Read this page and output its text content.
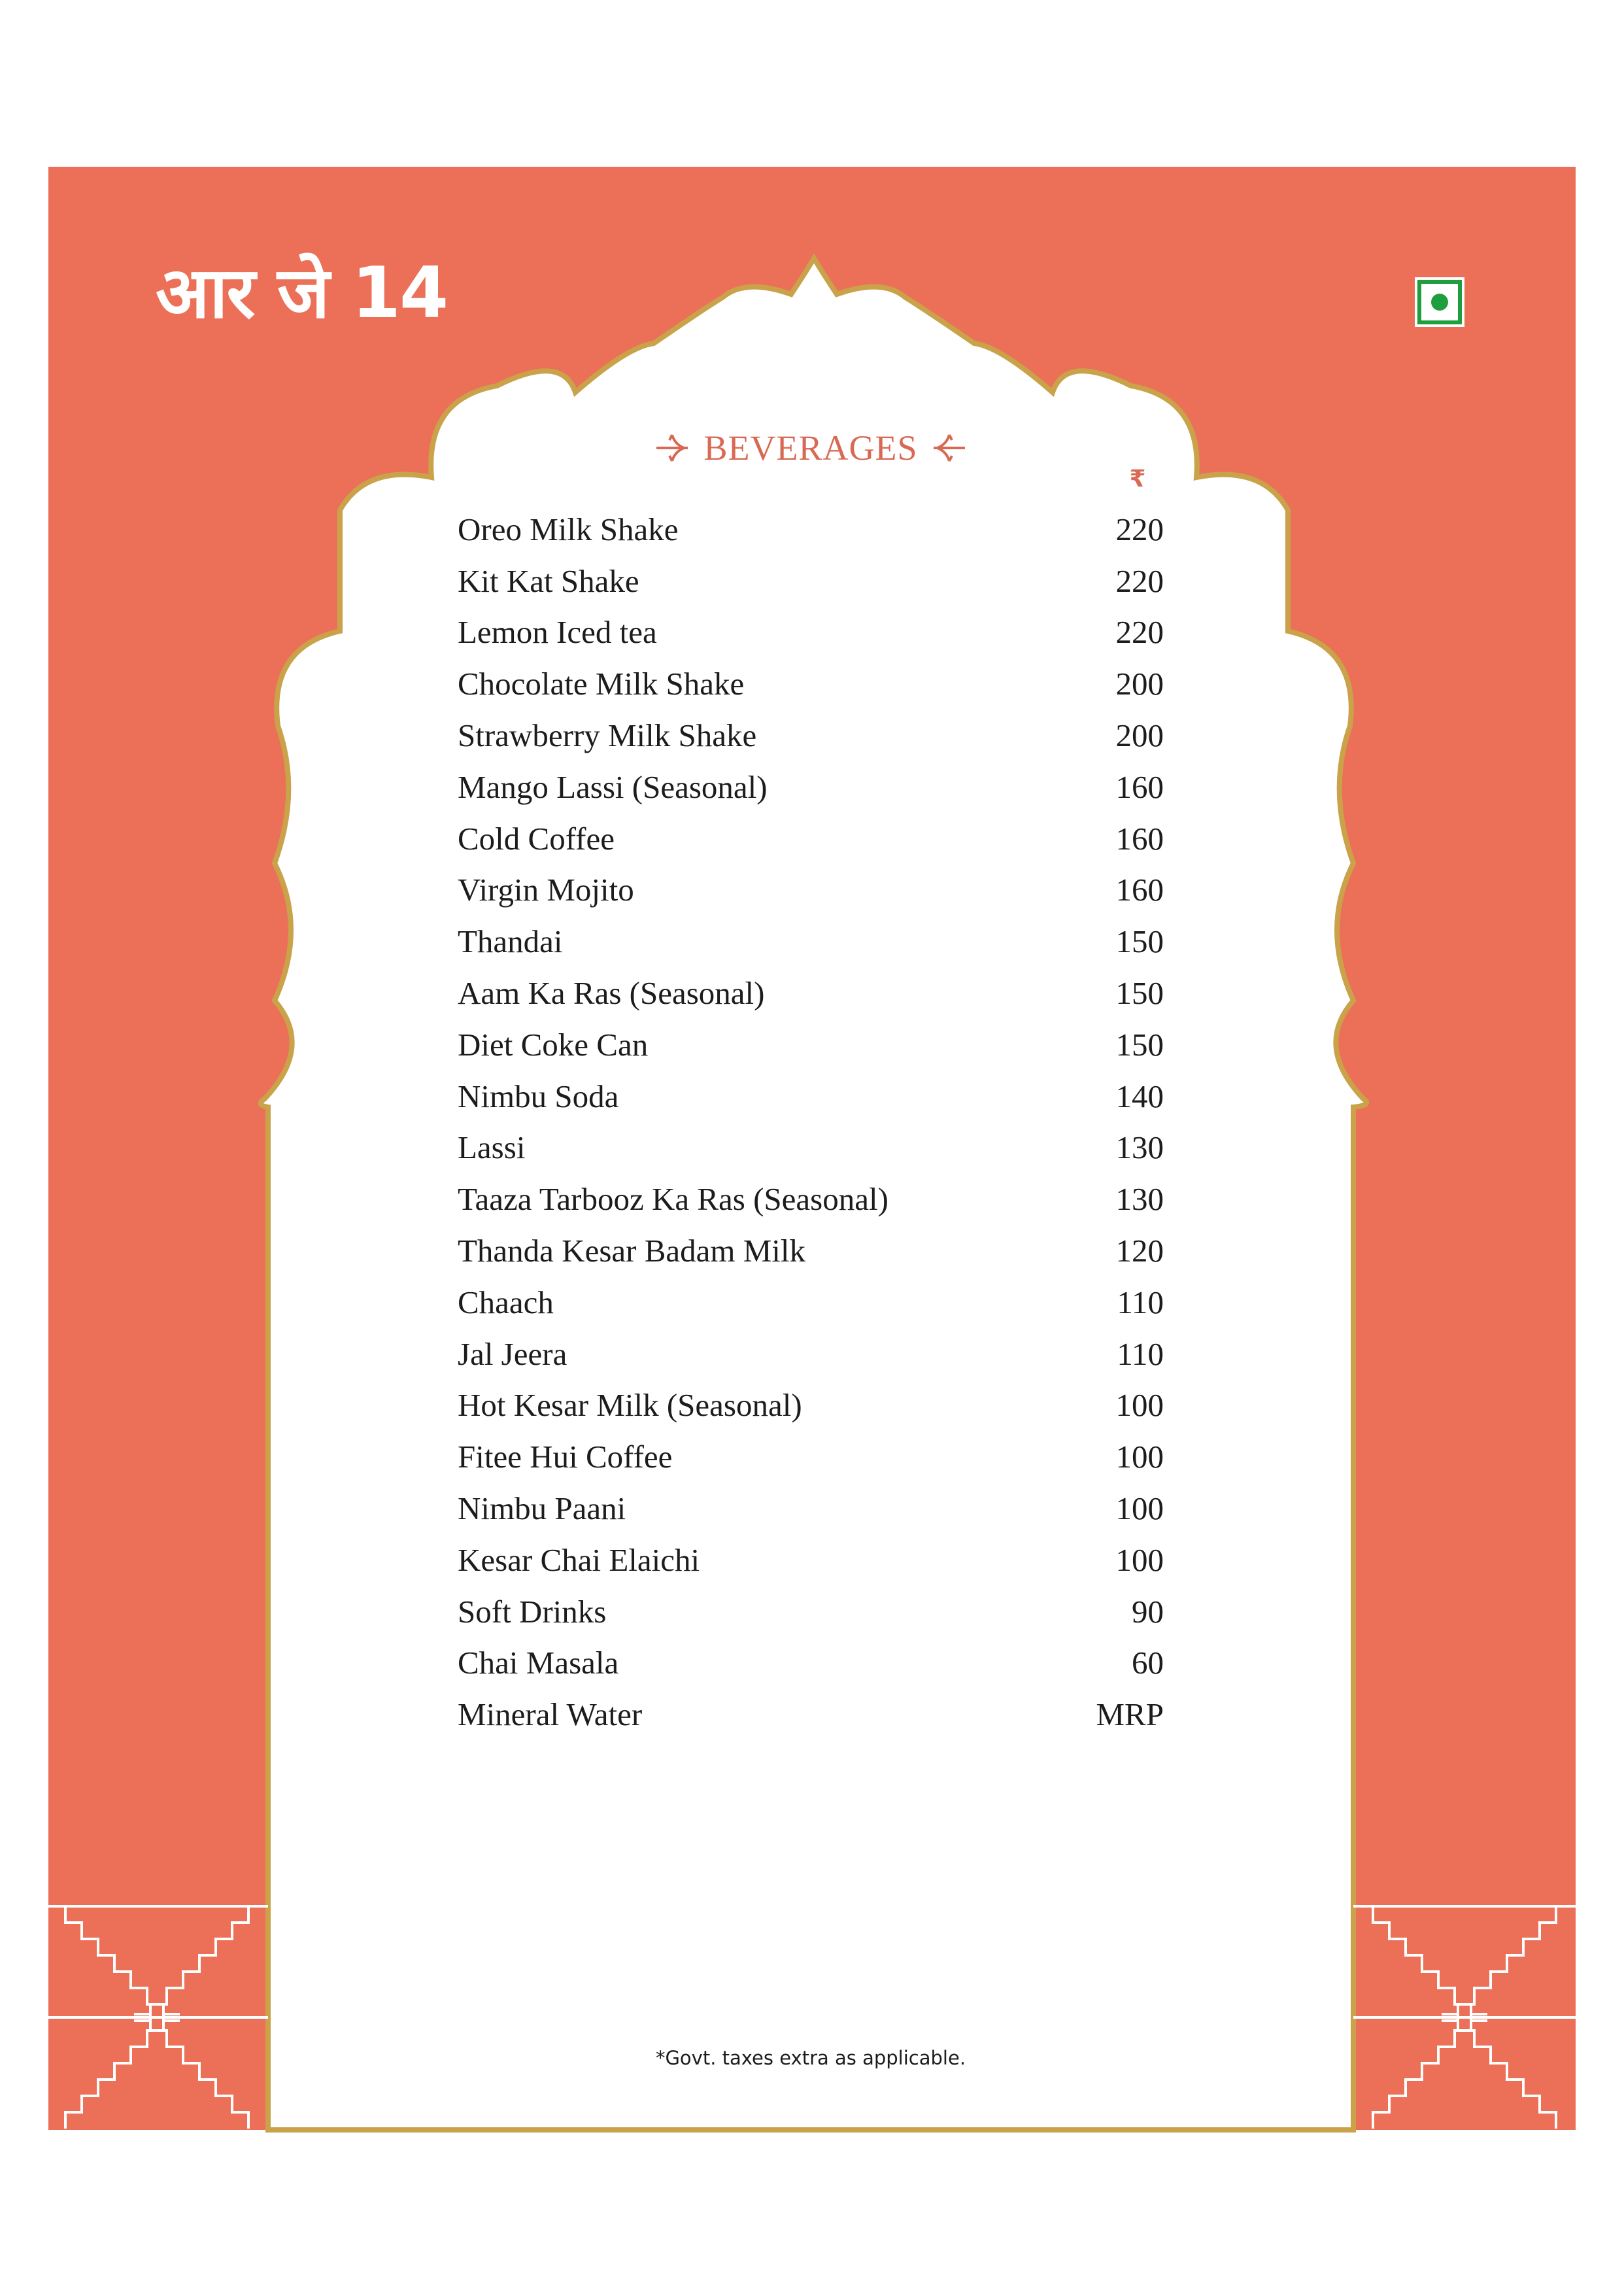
आर जे 14
BEVERAGES
₹
Oreo Milk Shake	220
Kit Kat Shake	220
Lemon Iced tea	220
Chocolate Milk Shake	200
Strawberry Milk Shake	200
Mango Lassi (Seasonal)	160
Cold Coffee	160
Virgin Mojito	160
Thandai	150
Aam Ka Ras (Seasonal)	150
Diet Coke Can	150
Nimbu Soda	140
Lassi	130
Taaza Tarbooz Ka Ras (Seasonal)	130
Thanda Kesar Badam Milk	120
Chaach	110
Jal Jeera	110
Hot Kesar Milk (Seasonal)	100
Fitee Hui Coffee	100
Nimbu Paani	100
Kesar Chai Elaichi	100
Soft Drinks	90
Chai Masala	60
Mineral Water	MRP
*Govt. taxes extra as applicable.
